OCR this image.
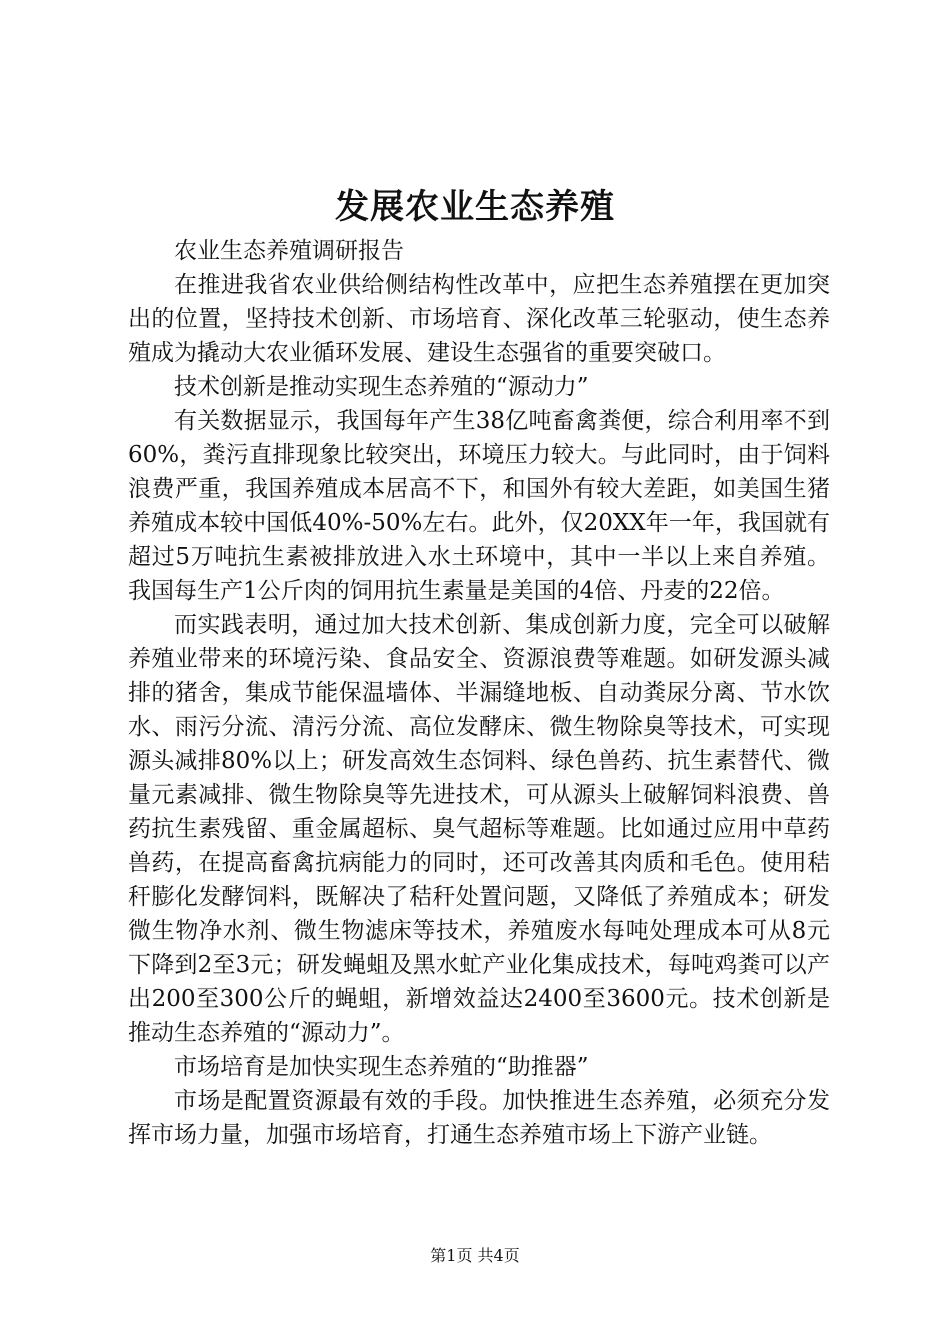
发展农业生态养殖

农业生态养殖调研报告

在推进我省农业供给侧结构性改革中，应把生态养殖摆在更加突出的位置，坚持技术创新、市场培育、深化改革三轮驱动，使生态养殖成为撬动大农业循环发展、建设生态强省的重要突破口。

技术创新是推动实现生态养殖的“源动力”

有关数据显示，我国每年产生38亿吨畜禽粪便，综合利用率不到60%，粪污直排现象比较突出，环境压力较大。与此同时，由于饲料浪费严重，我国养殖成本居高不下，和国外有较大差距，如美国生猪养殖成本较中国低40%-50%左右。此外，仅20XX年一年，我国就有超过5万吨抗生素被排放进入水土环境中，其中一半以上来自养殖。我国每生产1公斤肉的饲用抗生素量是美国的4倍、丹麦的22倍。

而实践表明，通过加大技术创新、集成创新力度，完全可以破解养殖业带来的环境污染、食品安全、资源浪费等难题。如研发源头减排的猪舍，集成节能保温墙体、半漏缝地板、自动粪尿分离、节水饮水、雨污分流、清污分流、高位发酵床、微生物除臭等技术，可实现源头减排80%以上；研发高效生态饲料、绿色兽药、抗生素替代、微量元素减排、微生物除臭等先进技术，可从源头上破解饲料浪费、兽药抗生素残留、重金属超标、臭气超标等难题。比如通过应用中草药兽药，在提高畜禽抗病能力的同时，还可改善其肉质和毛色。使用秸秆膨化发酵饲料，既解决了秸秆处置问题，又降低了养殖成本；研发微生物净水剂、微生物滤床等技术，养殖废水每吨处理成本可从8元下降到2至3元；研发蝇蛆及黑水虻产业化集成技术，每吨鸡粪可以产出200至300公斤的蝇蛆，新增效益达2400至3600元。技术创新是推动生态养殖的“源动力”。

市场培育是加快实现生态养殖的“助推器”

市场是配置资源最有效的手段。加快推进生态养殖，必须充分发挥市场力量，加强市场培育，打通生态养殖市场上下游产业链。

第1页 共4页
